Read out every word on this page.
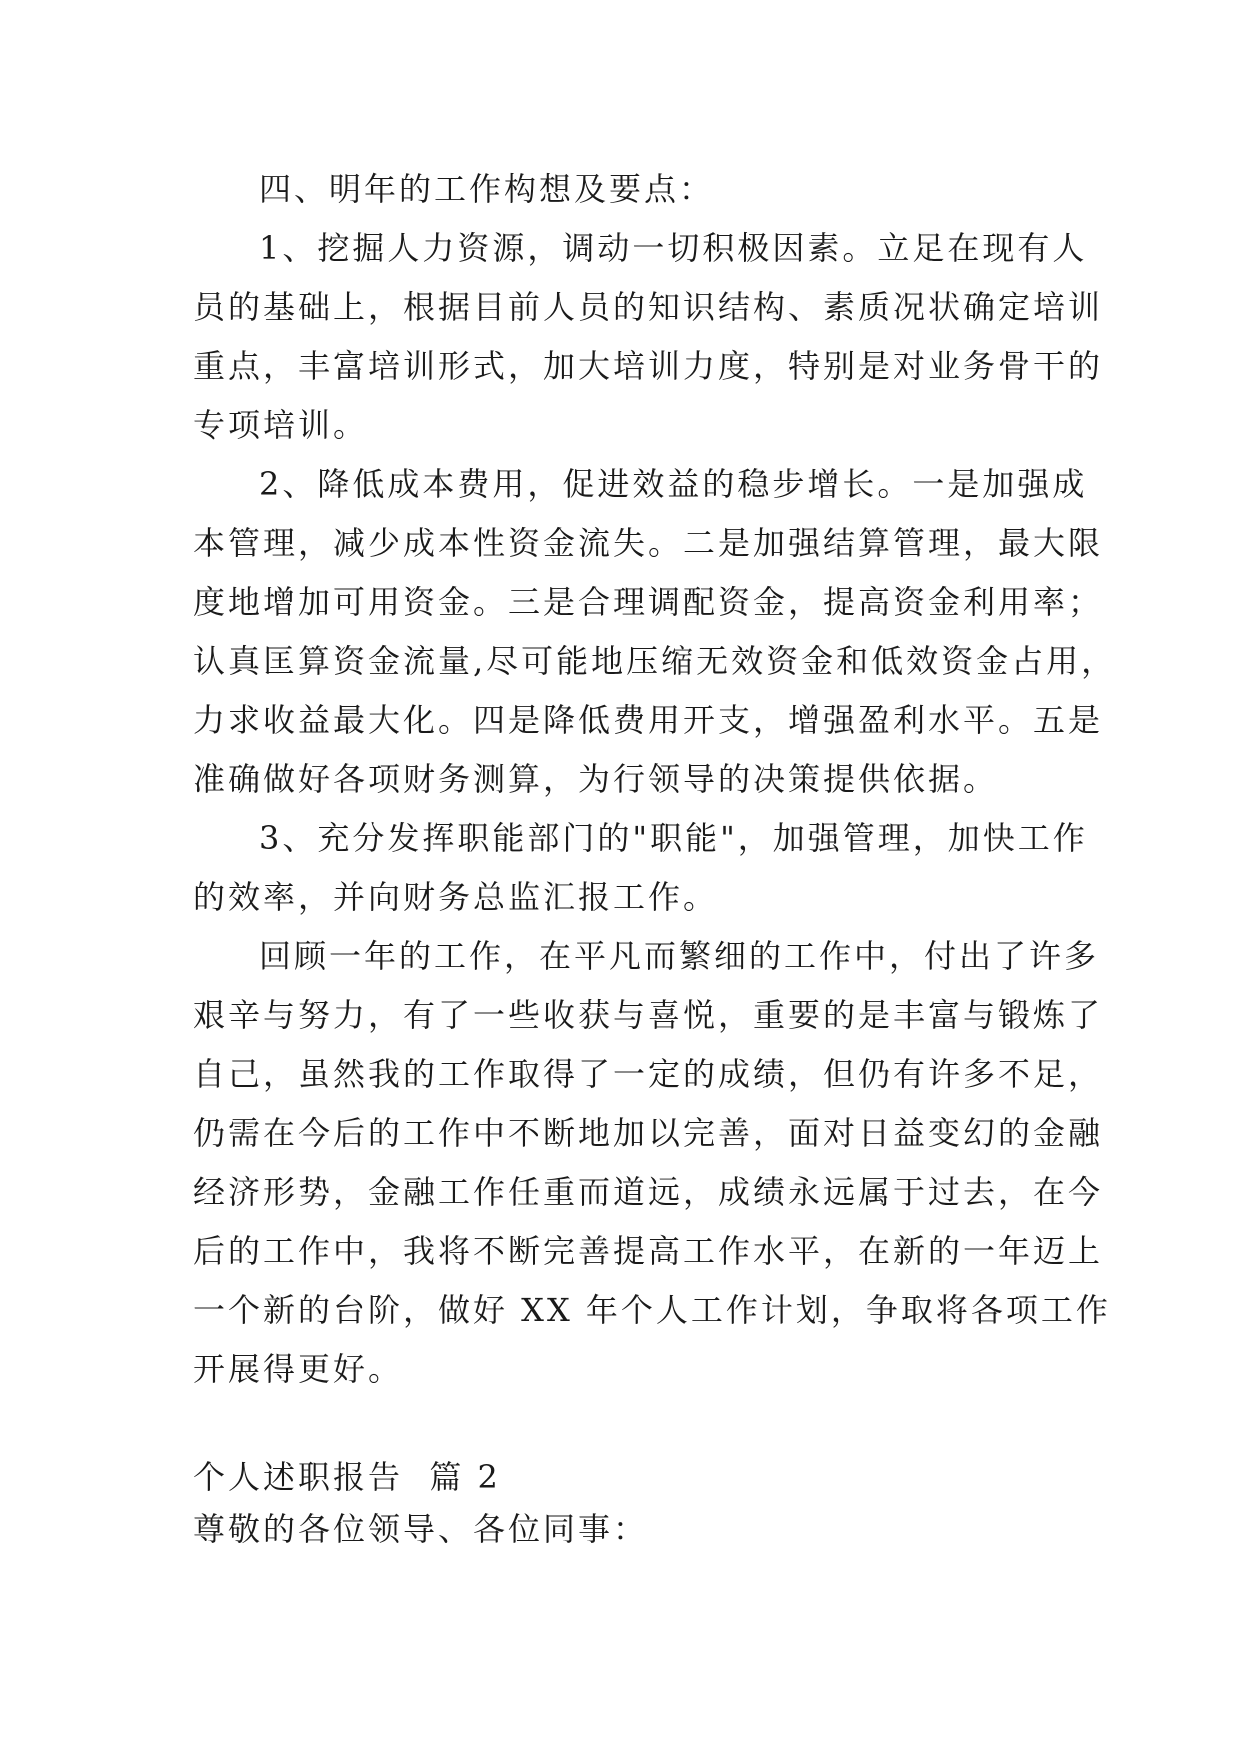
四、明年的工作构想及要点：
1、挖掘人力资源，调动一切积极因素。立足在现有人
员的基础上，根据目前人员的知识结构、素质况状确定培训
重点，丰富培训形式，加大培训力度，特别是对业务骨干的
专项培训。
2、降低成本费用，促进效益的稳步增长。一是加强成
本管理，减少成本性资金流失。二是加强结算管理，最大限
度地增加可用资金。三是合理调配资金，提高资金利用率；
认真匡算资金流量,尽可能地压缩无效资金和低效资金占用，
力求收益最大化。四是降低费用开支，增强盈利水平。五是
准确做好各项财务测算，为行领导的决策提供依据。
3、充分发挥职能部门的"职能"，加强管理，加快工作
的效率，并向财务总监汇报工作。
回顾一年的工作，在平凡而繁细的工作中，付出了许多
艰辛与努力，有了一些收获与喜悦，重要的是丰富与锻炼了
自己，虽然我的工作取得了一定的成绩，但仍有许多不足，
仍需在今后的工作中不断地加以完善，面对日益变幻的金融
经济形势，金融工作任重而道远，成绩永远属于过去，在今
后的工作中，我将不断完善提高工作水平，在新的一年迈上
一个新的台阶，做好 XX 年个人工作计划，争取将各项工作
开展得更好。
个人述职报告  篇 2
尊敬的各位领导、各位同事：
